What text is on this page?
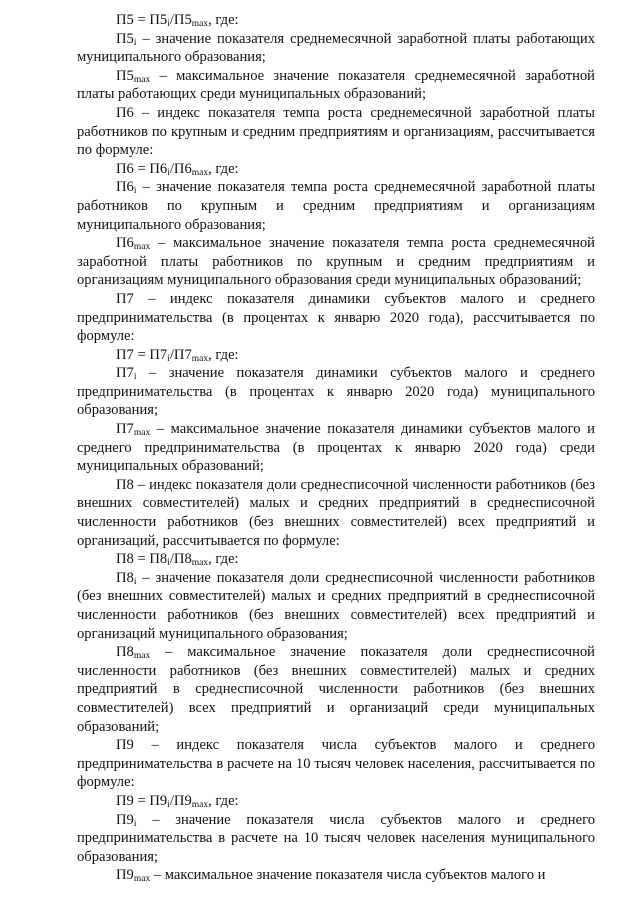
$П5 = П5_i/П5_{max}$, где:

$П5_i$ – значение показателя среднемесячной заработной платы работающих муниципального образования;

$П5_{max}$ – максимальное значение показателя среднемесячной заработной платы работающих среди муниципальных образований;

П6 – индекс показателя темпа роста среднемесячной заработной платы работников по крупным и средним предприятиям и организациям, рассчитывается по формуле:

$П6 = П6_i/П6_{max}$, где:

$П6_i$ – значение показателя темпа роста среднемесячной заработной платы работников по крупным и средним предприятиям и организациям муниципального образования;

$П6_{max}$ – максимальное значение показателя темпа роста среднемесячной заработной платы работников по крупным и средним предприятиям и организациям муниципального образования среди муниципальных образований;

П7 – индекс показателя динамики субъектов малого и среднего предпринимательства (в процентах к январю 2020 года), рассчитывается по формуле:

$П7 = П7_i/П7_{max}$, где:

$П7_i$ – значение показателя динамики субъектов малого и среднего предпринимательства (в процентах к январю 2020 года) муниципального образования;

$П7_{max}$ – максимальное значение показателя динамики субъектов малого и среднего предпринимательства (в процентах к январю 2020 года) среди муниципальных образований;

П8 – индекс показателя доли среднесписочной численности работников (без внешних совместителей) малых и средних предприятий в среднесписочной численности работников (без внешних совместителей) всех предприятий и организаций, рассчитывается по формуле:

$П8 = П8_i/П8_{max}$, где:

$П8_i$ – значение показателя доли среднесписочной численности работников (без внешних совместителей) малых и средних предприятий в среднесписочной численности работников (без внешних совместителей) всех предприятий и организаций муниципального образования;

$П8_{max}$ – максимальное значение показателя доли среднесписочной численности работников (без внешних совместителей) малых и средних предприятий в среднесписочной численности работников (без внешних совместителей) всех предприятий и организаций среди муниципальных образований;

П9 – индекс показателя числа субъектов малого и среднего предпринимательства в расчете на 10 тысяч человек населения, рассчитывается по формуле:

$П9 = П9_i/П9_{max}$, где:

$П9_i$ – значение показателя числа субъектов малого и среднего предпринимательства в расчете на 10 тысяч человек населения муниципального образования;

$П9_{max}$ – максимальное значение показателя числа субъектов малого и
